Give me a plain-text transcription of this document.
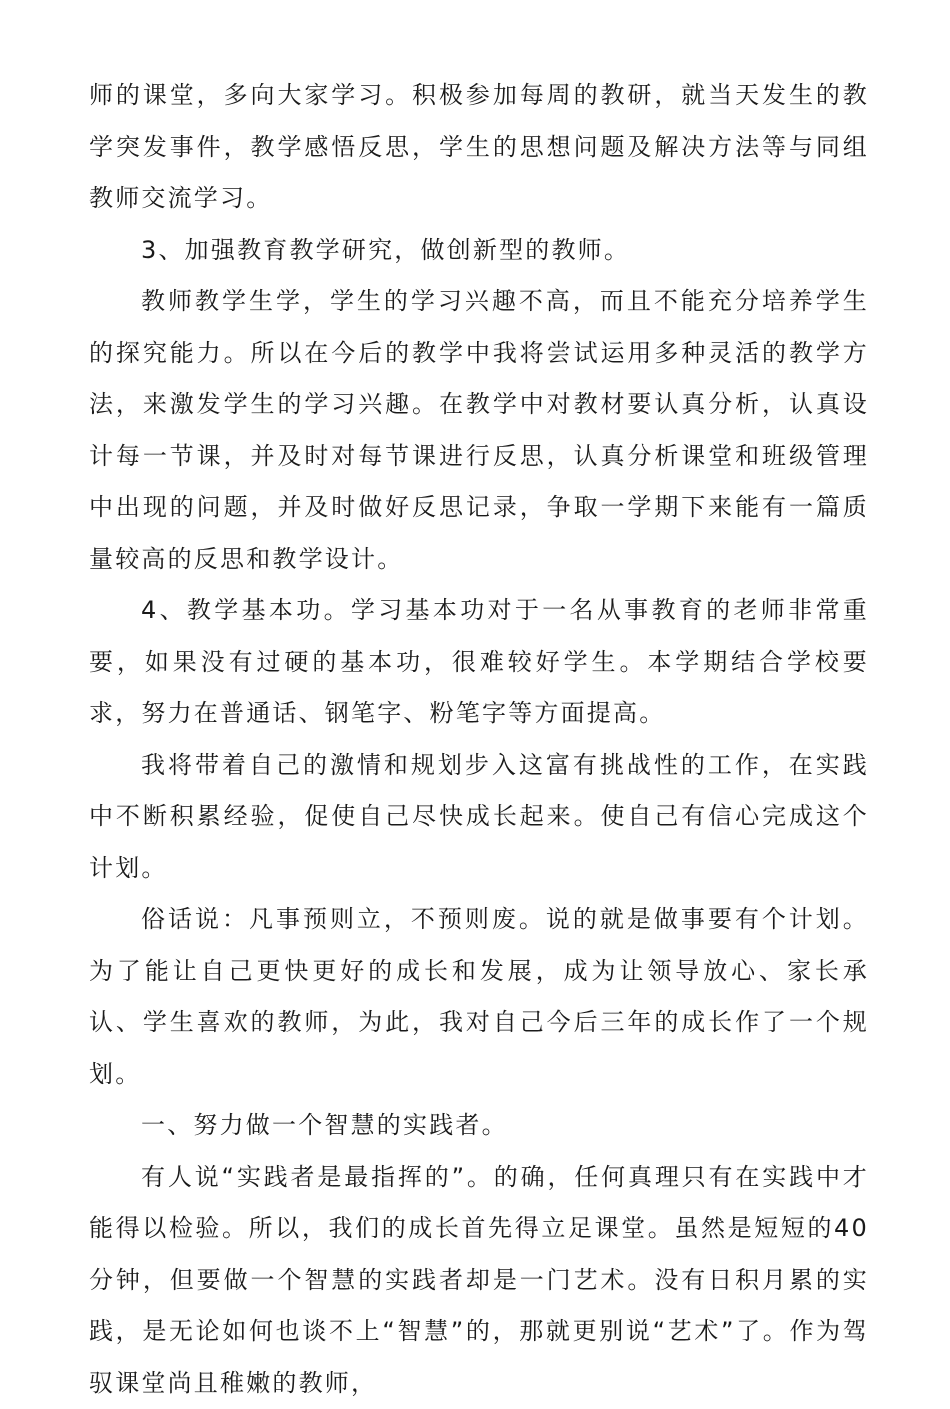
师的课堂，多向大家学习。积极参加每周的教研，就当天发生的教学突发事件，教学感悟反思，学生的思想问题及解决方法等与同组教师交流学习。

3、加强教育教学研究，做创新型的教师。

教师教学生学，学生的学习兴趣不高，而且不能充分培养学生的探究能力。所以在今后的教学中我将尝试运用多种灵活的教学方法，来激发学生的学习兴趣。在教学中对教材要认真分析，认真设计每一节课，并及时对每节课进行反思，认真分析课堂和班级管理中出现的问题，并及时做好反思记录，争取一学期下来能有一篇质量较高的反思和教学设计。

4、教学基本功。学习基本功对于一名从事教育的老师非常重要，如果没有过硬的基本功，很难较好学生。本学期结合学校要求，努力在普通话、钢笔字、粉笔字等方面提高。

我将带着自己的激情和规划步入这富有挑战性的工作，在实践中不断积累经验，促使自己尽快成长起来。使自己有信心完成这个计划。

俗话说：凡事预则立，不预则废。说的就是做事要有个计划。为了能让自己更快更好的成长和发展，成为让领导放心、家长承认、学生喜欢的教师，为此，我对自己今后三年的成长作了一个规划。

一、努力做一个智慧的实践者。

有人说“实践者是最指挥的”。的确，任何真理只有在实践中才能得以检验。所以，我们的成长首先得立足课堂。虽然是短短的40分钟，但要做一个智慧的实践者却是一门艺术。没有日积月累的实践，是无论如何也谈不上“智慧”的，那就更别说“艺术”了。作为驾驭课堂尚且稚嫩的教师，
